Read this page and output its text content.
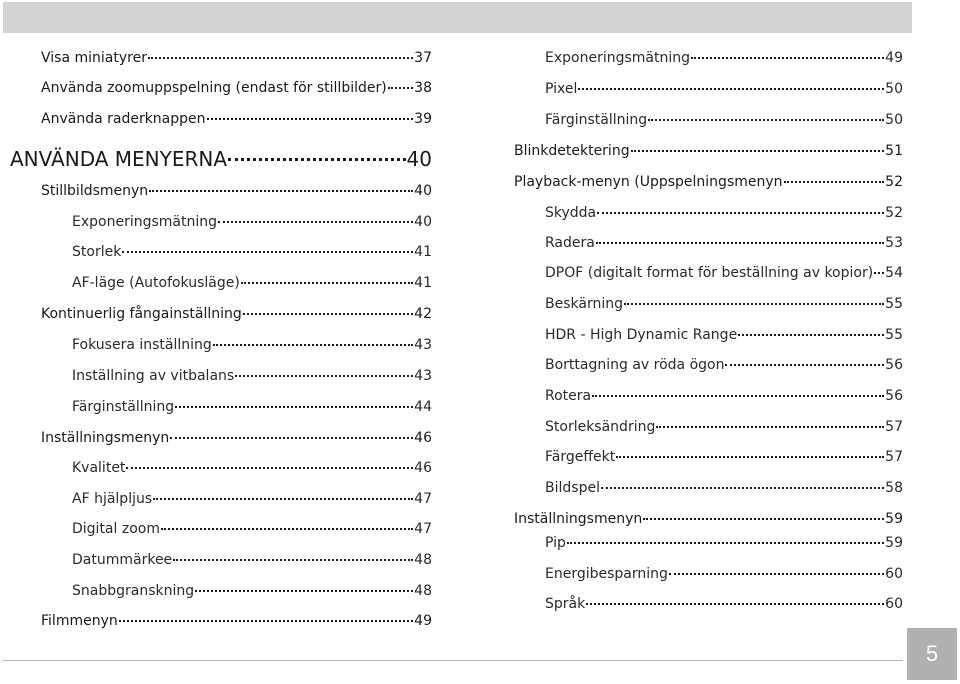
Visa miniatyrer	37
Använda zoomuppspelning (endast för stillbilder) 38
Använda raderknappen	39
ANVÄNDA MENYERNA	40
Stillbildsmenyn	40
Exponeringsmätning	40
Storlek	41
AF-läge (Autofokusläge)	41
Kontinuerlig fångainställning	42
Fokusera inställning	43
Inställning av vitbalans	43
Färginställning	44
Inställningsmenyn	46
Kvalitet	46
AF hjälpljus	47
Digital zoom	47
Datummärkee	48
Snabbgranskning	48
Filmmenyn	49
Exponeringsmätning	49
Pixel	50
Färginställning	50
Blinkdetektering	51
Playback-menyn (Uppspelningsmenyn	52
Skydda	52
Radera	53
DPOF (digitalt format för beställning av kopior) 54
Beskärning	55
HDR - High Dynamic Range	55
Borttagning av röda ögon	56
Rotera	56
Storleksändring	57
Färgeffekt	57
Bildspel	58
Inställningsmenyn	59
Pip	59
Energibesparning	60
Språk	60
5
